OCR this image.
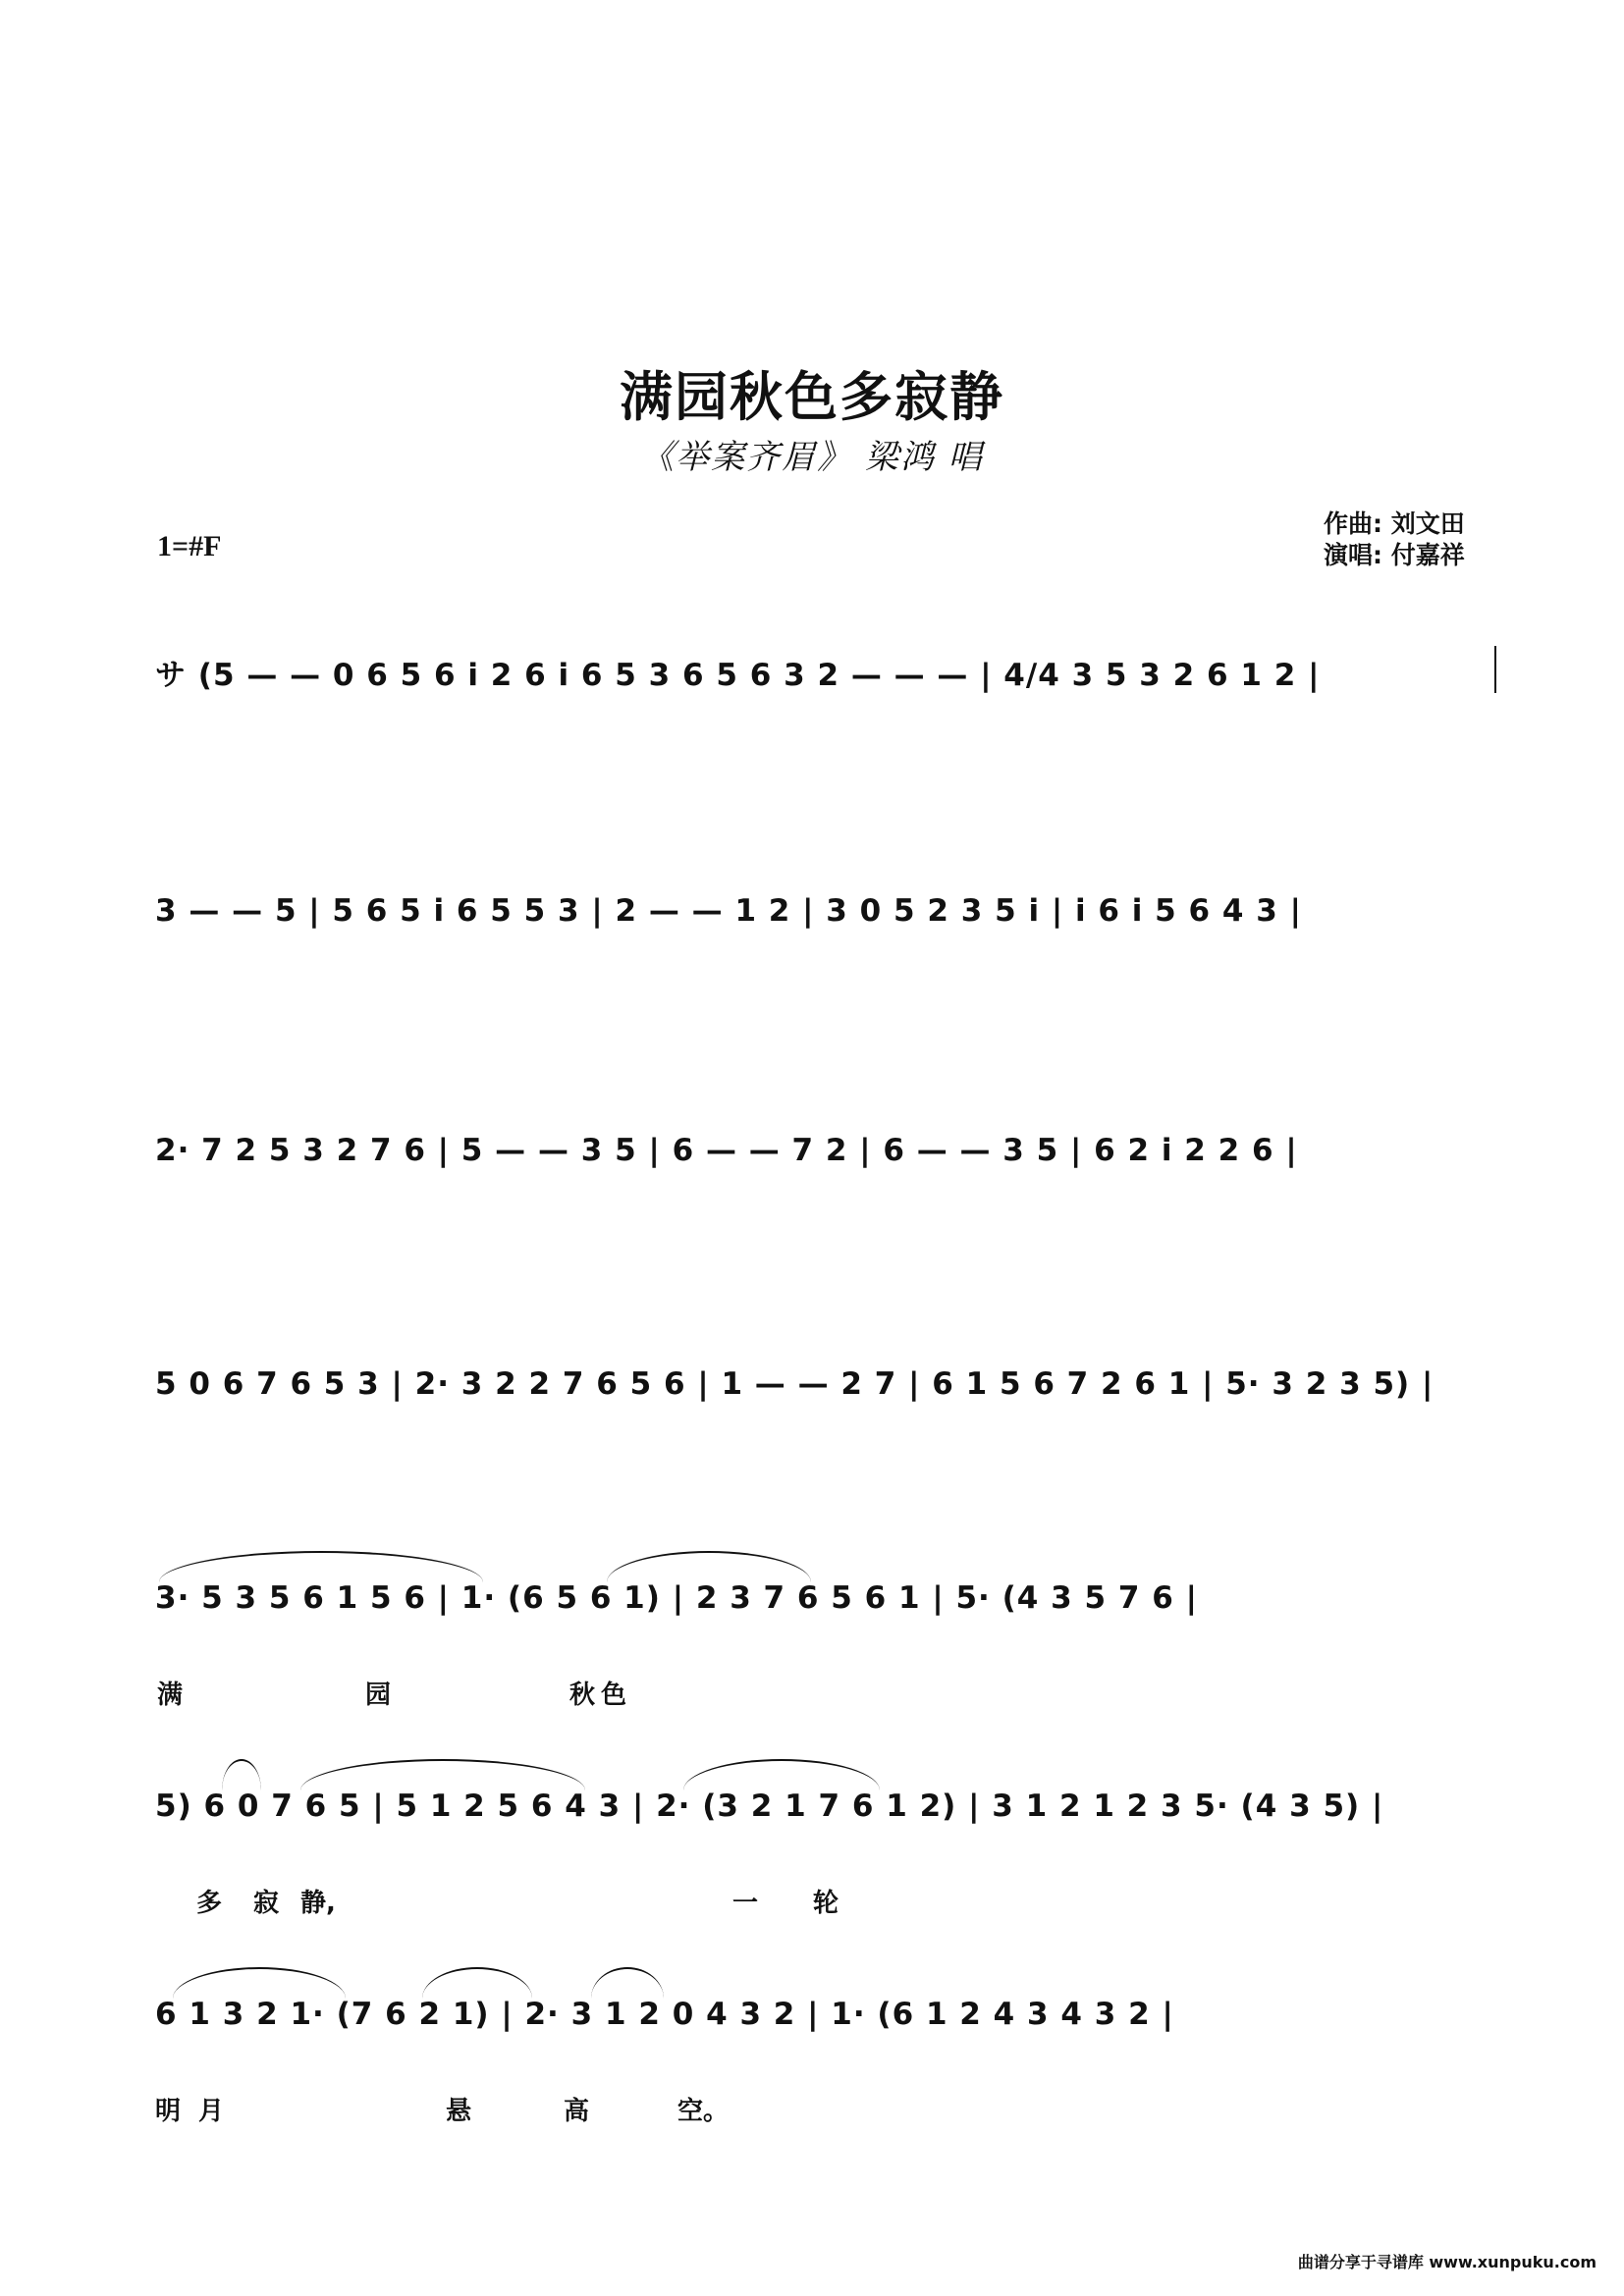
满园秋色多寂静
《举案齐眉》 梁鸿 唱
1=#F
作曲: 刘文田
演唱: 付嘉祥
サ (5 — — 0 6 5 6 i 2 6 i 6 5 3 6 5 6 3 2 — — — | 4/4 3 5 3 2 6 1 2 |
3 — — 5 | 5 6 5 i 6 5 5 3 | 2 — — 1 2 | 3 0 5 2 3 5 i | i 6 i 5 6 4 3 |
2· 7 2 5 3 2 7 6 | 5 — — 3 5 | 6 — — 7 2 | 6 — — 3 5 | 6 2 i 2 2 6 |
5 0 6 7 6 5 3 | 2· 3 2 2 7 6 5 6 | 1 — — 2 7 | 6 1 5 6 7 2 6 1 | 5· 3 2 3 5) |
3· 5 3 5 6 1 5 6 | 1· (6 5 6 1) | 2 3 7 6 5 6 1 | 5· (4 3 5 7 6 |
满	园	秋 色
5) 6 0 7 6 5 | 5 1 2 5 6 4 3 | 2· (3 2 1 7 6 1 2) | 3 1 2 1 2 3 5· (4 3 5) |
多 寂 静,	一 轮
6 1 3 2 1· (7 6 2 1) | 2· 3 1 2 0 4 3 2 | 1· (6 1 2 4 3 4 3 2 |
明 月	悬	高	空。
曲谱分享于寻谱库 www.xunpuku.com
